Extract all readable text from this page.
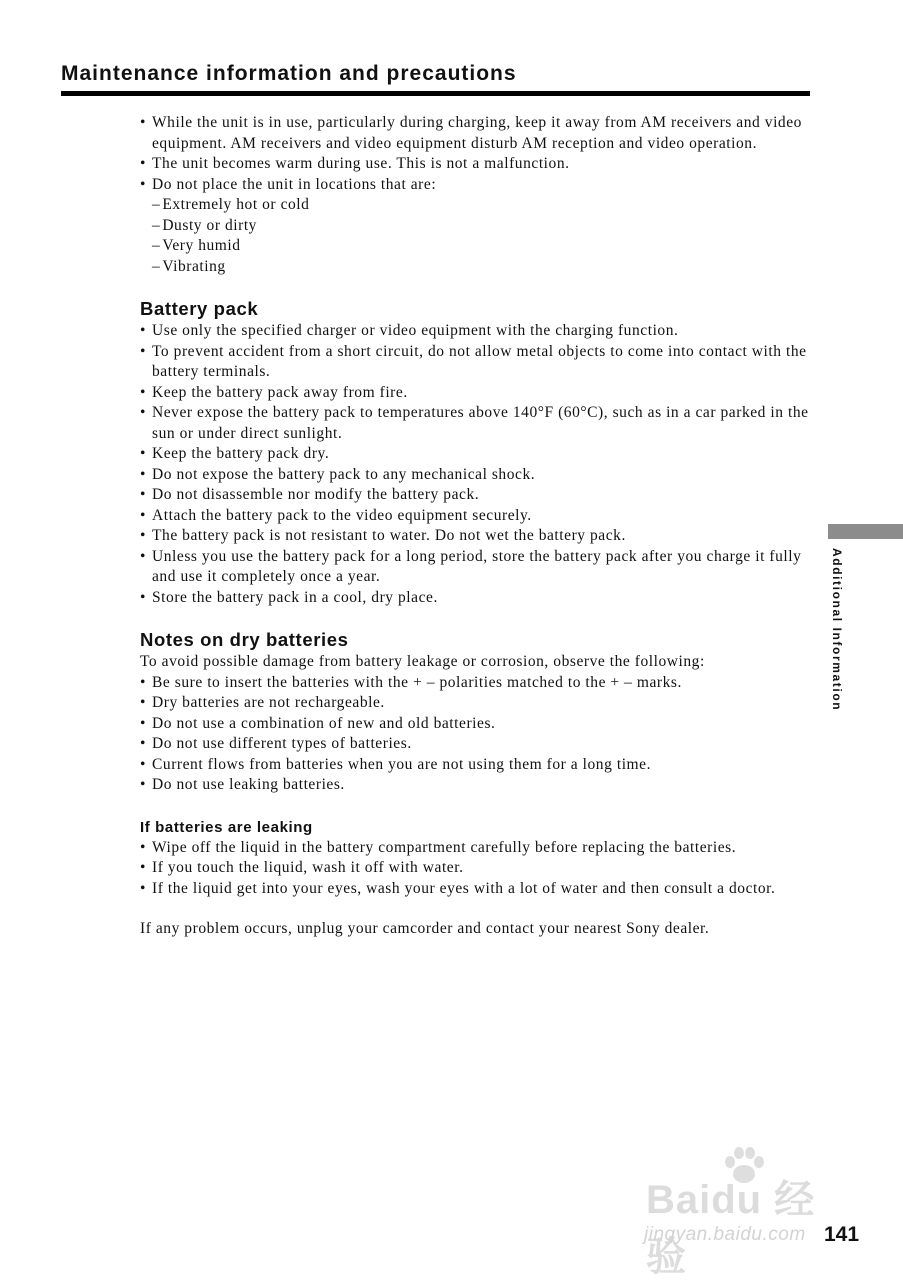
Maintenance information and precautions
• While the unit is in use, particularly during charging, keep it away from AM receivers and video equipment. AM receivers and video equipment disturb AM reception and video operation.
• The unit becomes warm during use. This is not a malfunction.
• Do not place the unit in locations that are:
– Extremely hot or cold
– Dusty or dirty
– Very humid
– Vibrating
Battery pack
• Use only the specified charger or video equipment with the charging function.
• To prevent accident from a short circuit, do not allow metal objects to come into contact with the battery terminals.
• Keep the battery pack away from fire.
• Never expose the battery pack to temperatures above 140°F (60°C), such as in a car parked in the sun or under direct sunlight.
• Keep the battery pack dry.
• Do not expose the battery pack to any mechanical shock.
• Do not disassemble nor modify the battery pack.
• Attach the battery pack to the video equipment securely.
• The battery pack is not resistant to water. Do not wet the battery pack.
• Unless you use the battery pack for a long period, store the battery pack after you charge it fully and use it completely once a year.
• Store the battery pack in a cool, dry place.
Notes on dry batteries

To avoid possible damage from battery leakage or corrosion, observe the following:

• Be sure to insert the batteries with the + – polarities matched to the + – marks.
• Dry batteries are not rechargeable.
• Do not use a combination of new and old batteries.
• Do not use different types of batteries.
• Current flows from batteries when you are not using them for a long time.
• Do not use leaking batteries.
If batteries are leaking
• Wipe off the liquid in the battery compartment carefully before replacing the batteries.
• If you touch the liquid, wash it off with water.
• If the liquid get into your eyes, wash your eyes with a lot of water and then consult a doctor.

If any problem occurs, unplug your camcorder and contact your nearest Sony dealer.

Additional Information
Baidu 经验
jingyan.baidu.com 141
